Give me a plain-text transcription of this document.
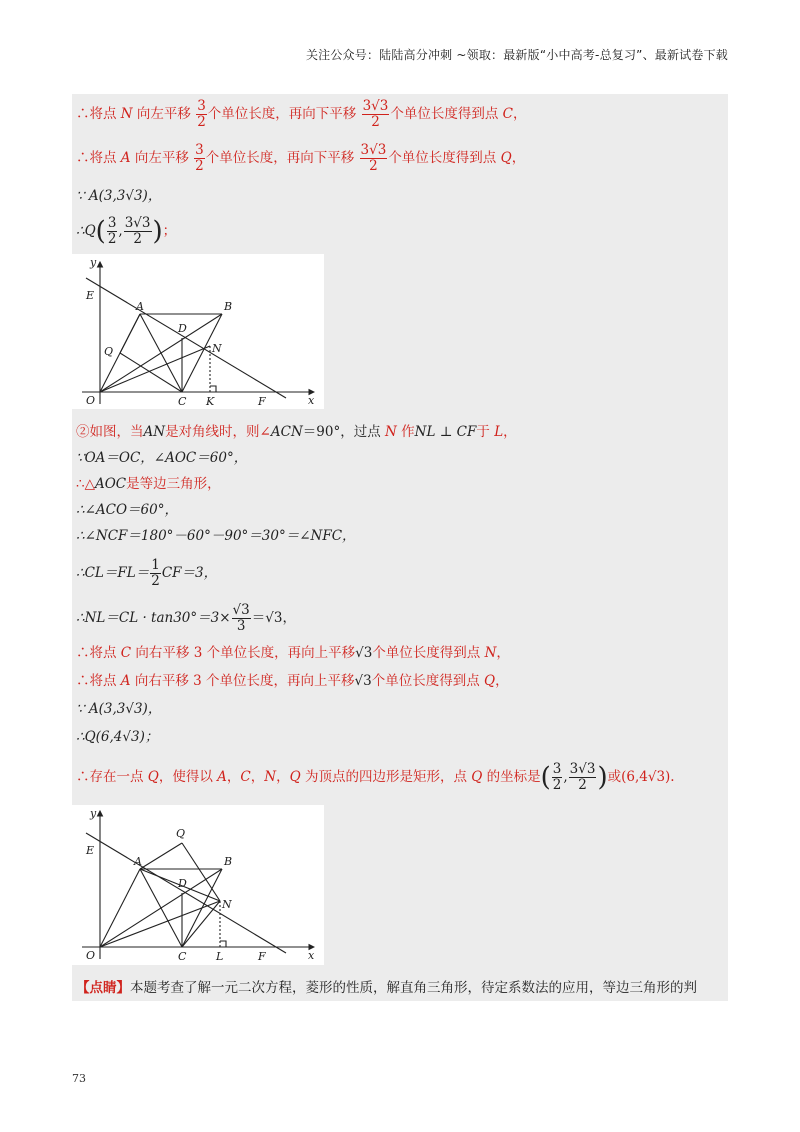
关注公众号：陆陆高分冲刺 ~领取：最新版“小中高考-总复习”、最新试卷下载
∴将点 N 向左平移 $\frac{3}{2}$ 个单位长度，再向下平移 $\frac{3√3}{2}$ 个单位长度得到点 C，
∴将点 A 向左平移 $\frac{3}{2}$ 个单位长度，再向下平移 $\frac{3√3}{2}$ 个单位长度得到点 Q，
∵ A(3,3√3)，
∴Q( $\frac{3}{2}$ , $\frac{3√3}{2}$ )；
y
x
O
E
A	B
D
Q	N
C K	F
②如图，当AN是对角线时，则∠ACN＝90°，过点 N 作NL ⊥ CF于 L，
∵OA＝OC，∠AOC＝60°，
∴△AOC是等边三角形，
∴∠ACO＝60°，
∴∠NCF＝180°－60°－90°＝30°＝∠NFC，
∴CL＝FL＝ $\frac{1}{2} CF=3$，
∴NL＝CL · $\tan 30^\circ=3\times \frac{√3}{3} =√3$，
∴将点 C 向右平移 3 个单位长度，再向上平移√3个单位长度得到点 N，
∴将点 A 向右平移 3 个单位长度，再向上平移√3个单位长度得到点 Q，
∵ A(3,3√3)，
∴Q(6,4√3)；
∴存在一点 Q，使得以 A，C，N，Q 为顶点的四边形是矩形，点 Q 的坐标是( $\frac{3}{2}$ , $\frac{3√3}{2}$ )或(6,4√3).
y
x
O
E
A	B
D
Q
N
C	L	F
【点睛】本题考查了解一元二次方程，菱形的性质，解直角三角形，待定系数法的应用，等边三角形的判
73
